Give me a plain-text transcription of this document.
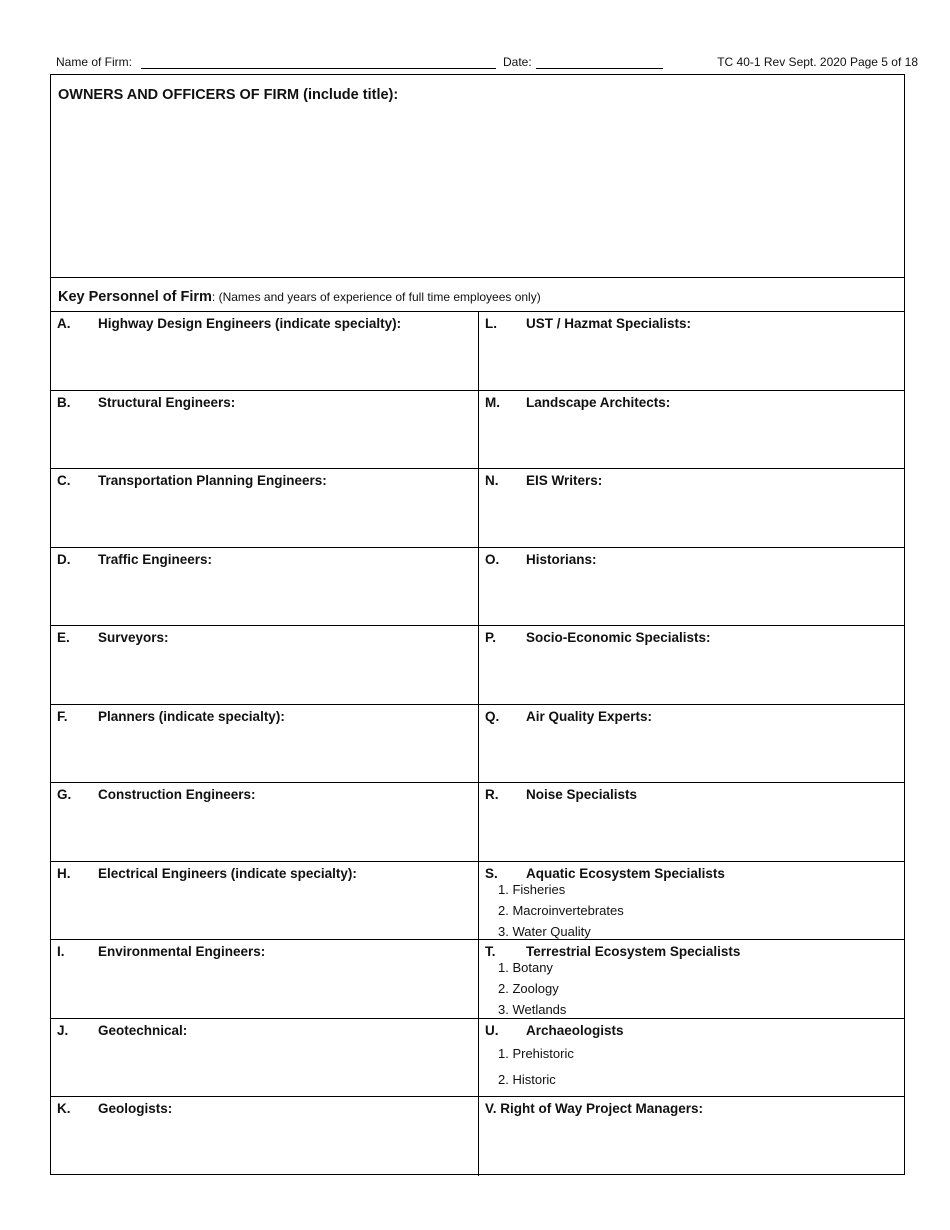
Name of Firm:	Date:	TC 40-1 Rev Sept. 2020 Page 5 of 18
OWNERS AND OFFICERS OF FIRM (include title):
Key Personnel of Firm: (Names and years of experience of full time employees only)
A. Highway Design Engineers (indicate specialty):	L. UST / Hazmat Specialists:
B. Structural Engineers:	M. Landscape Architects:
C. Transportation Planning Engineers:	N. EIS Writers:
D. Traffic Engineers:	O. Historians:
E. Surveyors:	P. Socio-Economic Specialists:
F. Planners (indicate specialty):	Q. Air Quality Experts:
G. Construction Engineers:	R. Noise Specialists
H. Electrical Engineers (indicate specialty):	S. Aquatic Ecosystem Specialists
1. Fisheries
2. Macroinvertebrates
3. Water Quality
I. Environmental Engineers:	T. Terrestrial Ecosystem Specialists
1. Botany
2. Zoology
3. Wetlands
J. Geotechnical:	U. Archaeologists
1. Prehistoric
2. Historic
K. Geologists:	V. Right of Way Project Managers:
